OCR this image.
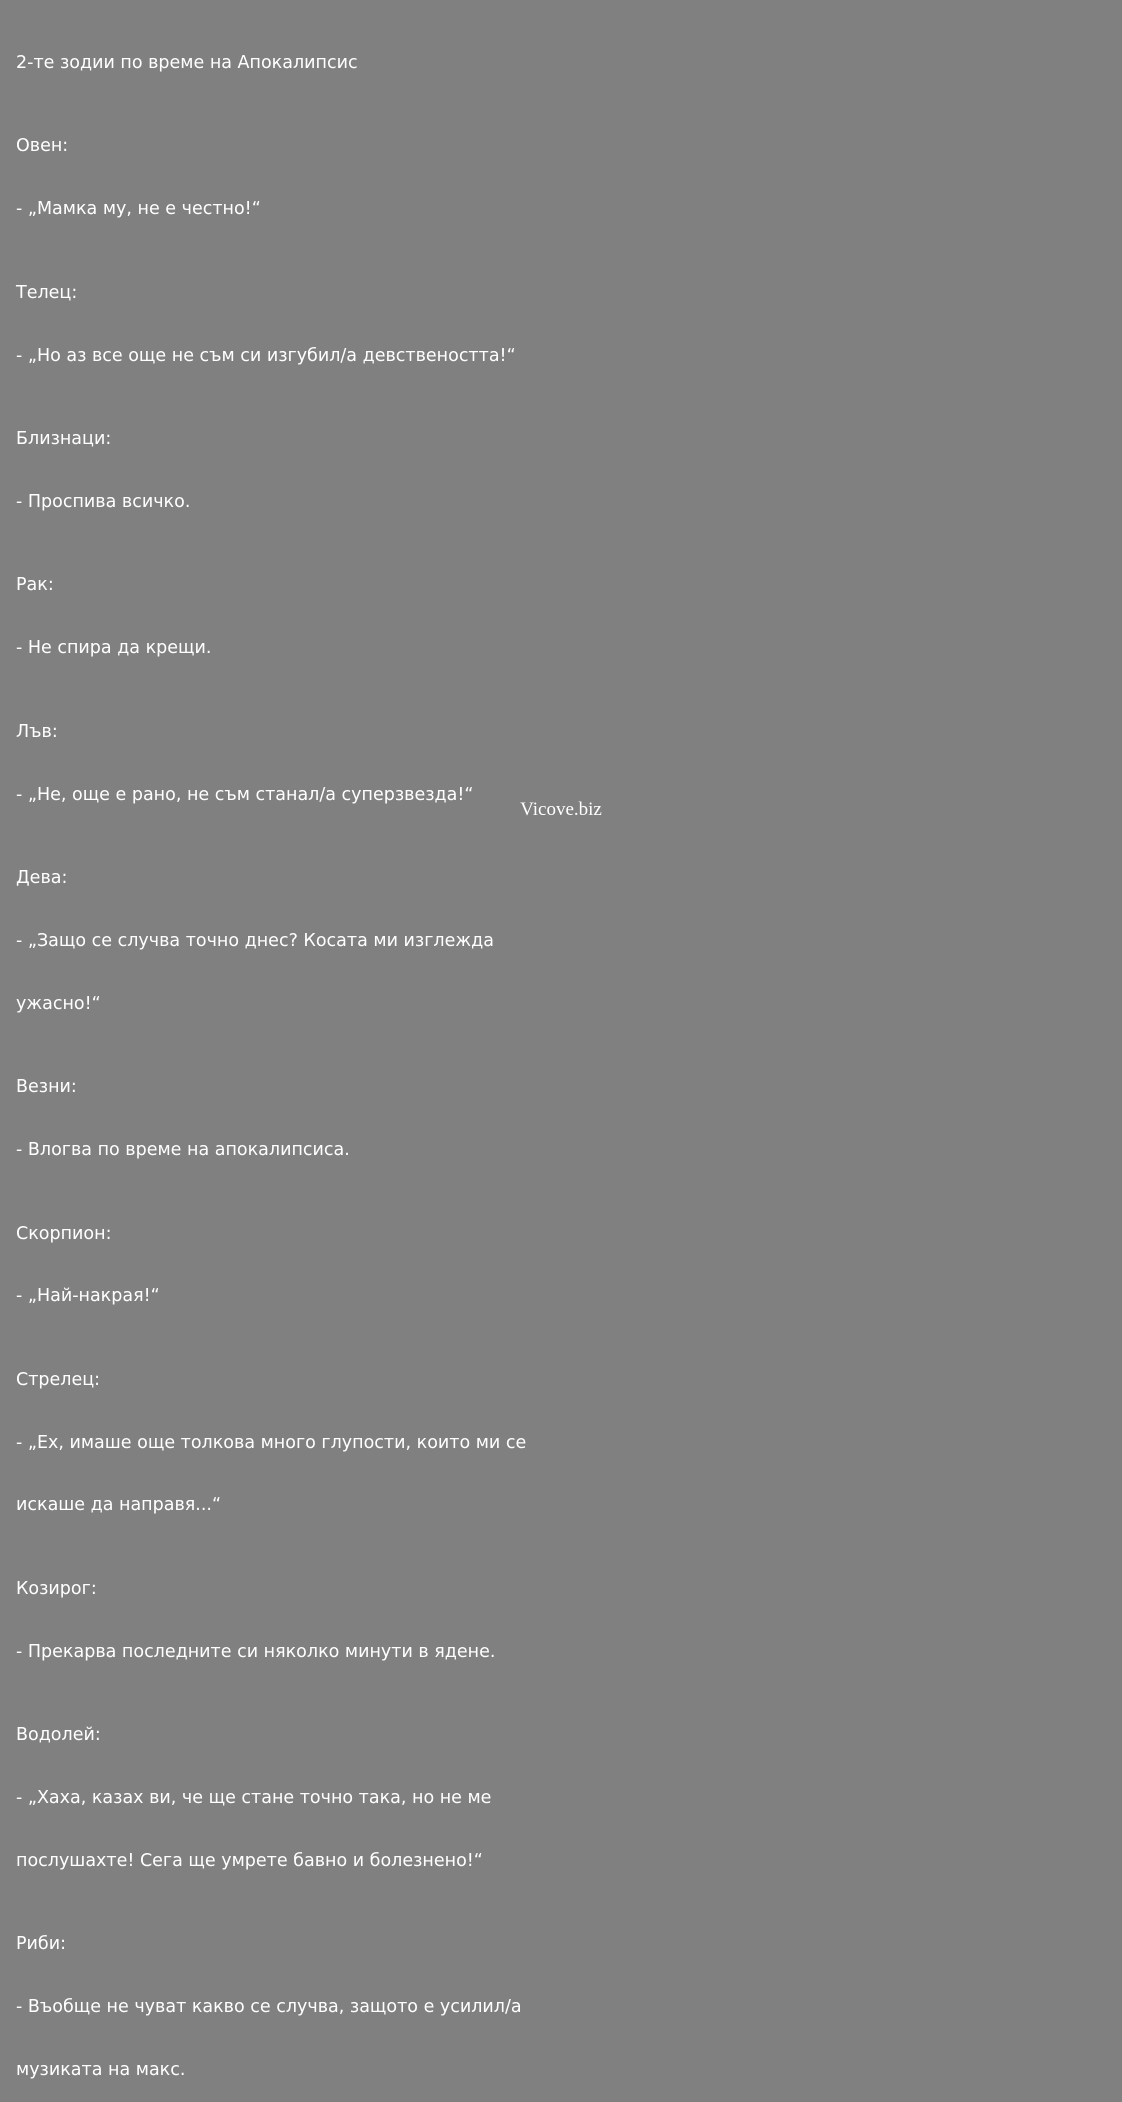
2-те зодии по време на Апокалипсис

Овен:

- „Мамка му, не е честно!“

Телец:

- „Но аз все още не съм си изгубил/а девствеността!“

Близнаци:

- Проспива всичко.

Рак:

- Не спира да крещи.

Лъв:

- „Не, още е рано, не съм станал/а суперзвезда!“

Дева:

- „Защо се случва точно днес? Косата ми изглежда

ужасно!“

Везни:

- Влогва по време на апокалипсиса.

Скорпион:

- „Най-накрая!“

Стрелец:

- „Ех, имаше още толкова много глупости, които ми се

искаше да направя...“

Козирог:

- Прекарва последните си няколко минути в ядене.

Водолей:

- „Хаха, казах ви, че ще стане точно така, но не ме

послушахте! Сега ще умрете бавно и болезнено!“

Риби:

- Въобще не чуват какво се случва, защото е усилил/а

музиката на макс.

Vicove.biz
